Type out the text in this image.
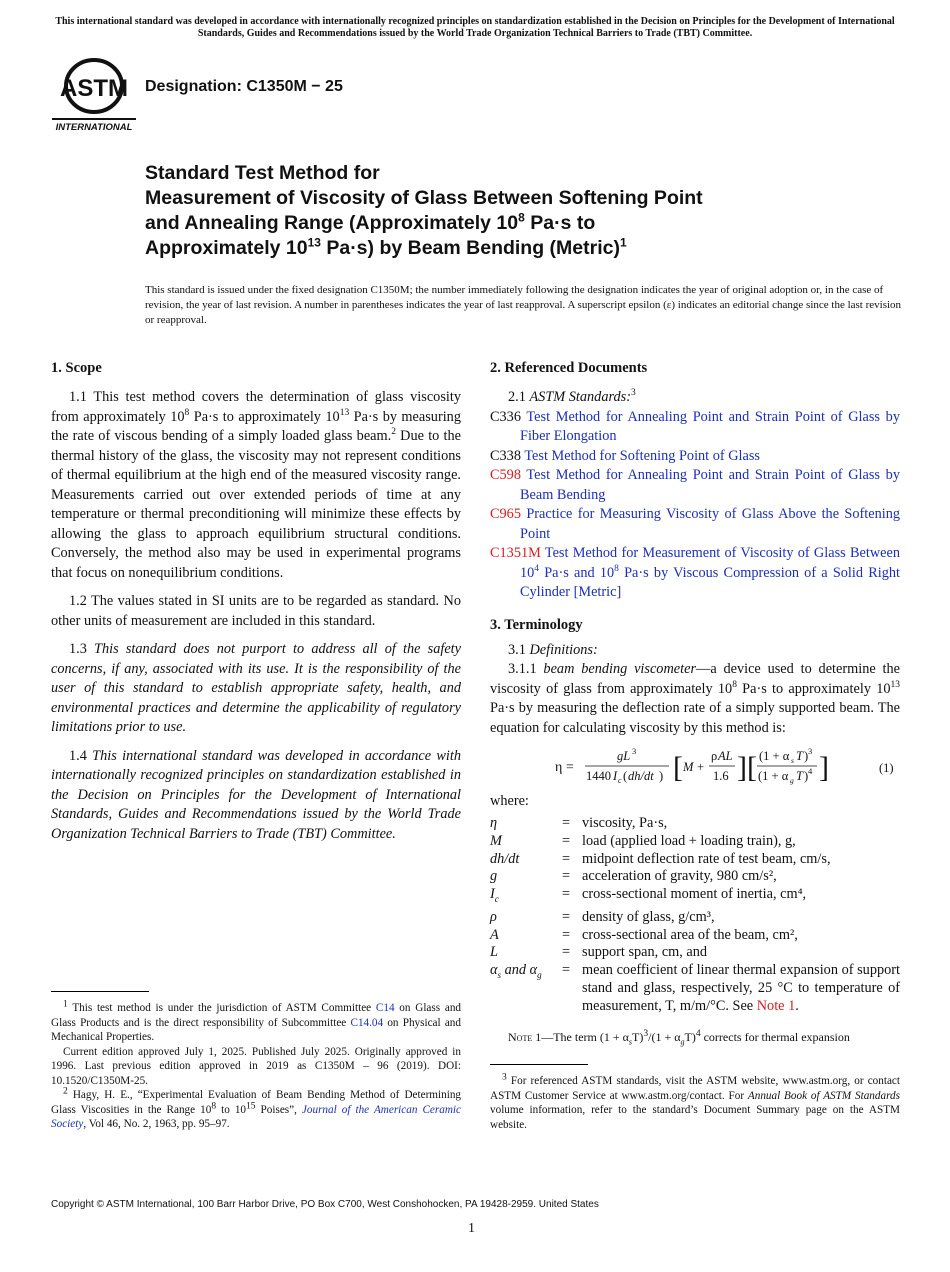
This international standard was developed in accordance with internationally recognized principles on standardization established in the Decision on Principles for the Development of International Standards, Guides and Recommendations issued by the World Trade Organization Technical Barriers to Trade (TBT) Committee.
ASTM
INTERNATIONAL
Designation: C1350M − 25
Standard Test Method for
Measurement of Viscosity of Glass Between Softening Point
and Annealing Range (Approximately $10^8$ Pa·s to
Approximately $10^{13}$ Pa·s) by Beam Bending (Metric)$^1$
This standard is issued under the fixed designation C1350M; the number immediately following the designation indicates the year of original adoption or, in the case of revision, the year of last revision. A number in parentheses indicates the year of last reapproval. A superscript epsilon (ε) indicates an editorial change since the last revision or reapproval.
1. Scope

1.1 This test method covers the determination of glass viscosity from approximately $10^8$ Pa·s to approximately $10^{13}$ Pa·s by measuring the rate of viscous bending of a simply loaded glass beam.$^2$ Due to the thermal history of the glass, the viscosity may not represent conditions of thermal equilibrium at the high end of the measured viscosity range. Measurements carried out over extended periods of time at any temperature or thermal preconditioning will minimize these effects by allowing the glass to approach equilibrium structural conditions. Conversely, the method also may be used in experimental programs that focus on nonequilibrium conditions.

1.2 The values stated in SI units are to be regarded as standard. No other units of measurement are included in this standard.

1.3 This standard does not purport to address all of the safety concerns, if any, associated with its use. It is the responsibility of the user of this standard to establish appropriate safety, health, and environmental practices and determine the applicability of regulatory limitations prior to use.

1.4 This international standard was developed in accordance with internationally recognized principles on standardization established in the Decision on Principles for the Development of International Standards, Guides and Recommendations issued by the World Trade Organization Technical Barriers to Trade (TBT) Committee.

2. Referenced Documents

2.1 ASTM Standards:$^3$

C336 Test Method for Annealing Point and Strain Point of Glass by Fiber Elongation

C338 Test Method for Softening Point of Glass

C598 Test Method for Annealing Point and Strain Point of Glass by Beam Bending

C965 Practice for Measuring Viscosity of Glass Above the Softening Point

C1351M Test Method for Measurement of Viscosity of Glass Between $10^4$ Pa·s and $10^8$ Pa·s by Viscous Compression of a Solid Right Cylinder [Metric]

3. Terminology

3.1 Definitions:

3.1.1 beam bending viscometer—a device used to determine the viscosity of glass from approximately $10^8$ Pa·s to approximately $10^{13}$ Pa·s by measuring the deflection rate of a simply supported beam. The equation for calculating viscosity by this method is:

η =
gL 3
1440 I c ( dh/dt ) [ M +
ρ AL
1.6 ] [ (1 + α s T ) 3
(1 + α g T ) 4 ]	(1)
where:
η	= viscosity, Pa·s,
M	= load (applied load + loading train), g,
dh/dt	= midpoint deflection rate of test beam, cm/s,
g	= acceleration of gravity, 980 cm/s²,
$I_c$	= cross-sectional moment of inertia, cm⁴,
ρ	= density of glass, g/cm³,
A	= cross-sectional area of the beam, cm²,
L	= support span, cm, and
$\alpha_s$ and $\alpha_g$	= mean coefficient of linear thermal expansion of support stand and glass, respectively, 25 °C to temperature of measurement, T, m/m/°C. See Note 1.
Note 1—The term $(1 + \alpha_sT)^3/(1 + \alpha_gT)^4$ corrects for thermal expansion

$^1$ This test method is under the jurisdiction of ASTM Committee C14 on Glass and Glass Products and is the direct responsibility of Subcommittee C14.04 on Physical and Mechanical Properties.

Current edition approved July 1, 2025. Published July 2025. Originally approved in 1996. Last previous edition approved in 2019 as C1350M – 96 (2019). DOI: 10.1520/C1350M-25.

$^2$ Hagy, H. E., “Experimental Evaluation of Beam Bending Method of Determining Glass Viscosities in the Range $10^8$ to $10^{15}$ Poises”, Journal of the American Ceramic Society, Vol 46, No. 2, 1963, pp. 95–97.

$^3$ For referenced ASTM standards, visit the ASTM website, www.astm.org, or contact ASTM Customer Service at www.astm.org/contact. For Annual Book of ASTM Standards volume information, refer to the standard’s Document Summary page on the ASTM website.

Copyright © ASTM International, 100 Barr Harbor Drive, PO Box C700, West Conshohocken, PA 19428-2959. United States
1
